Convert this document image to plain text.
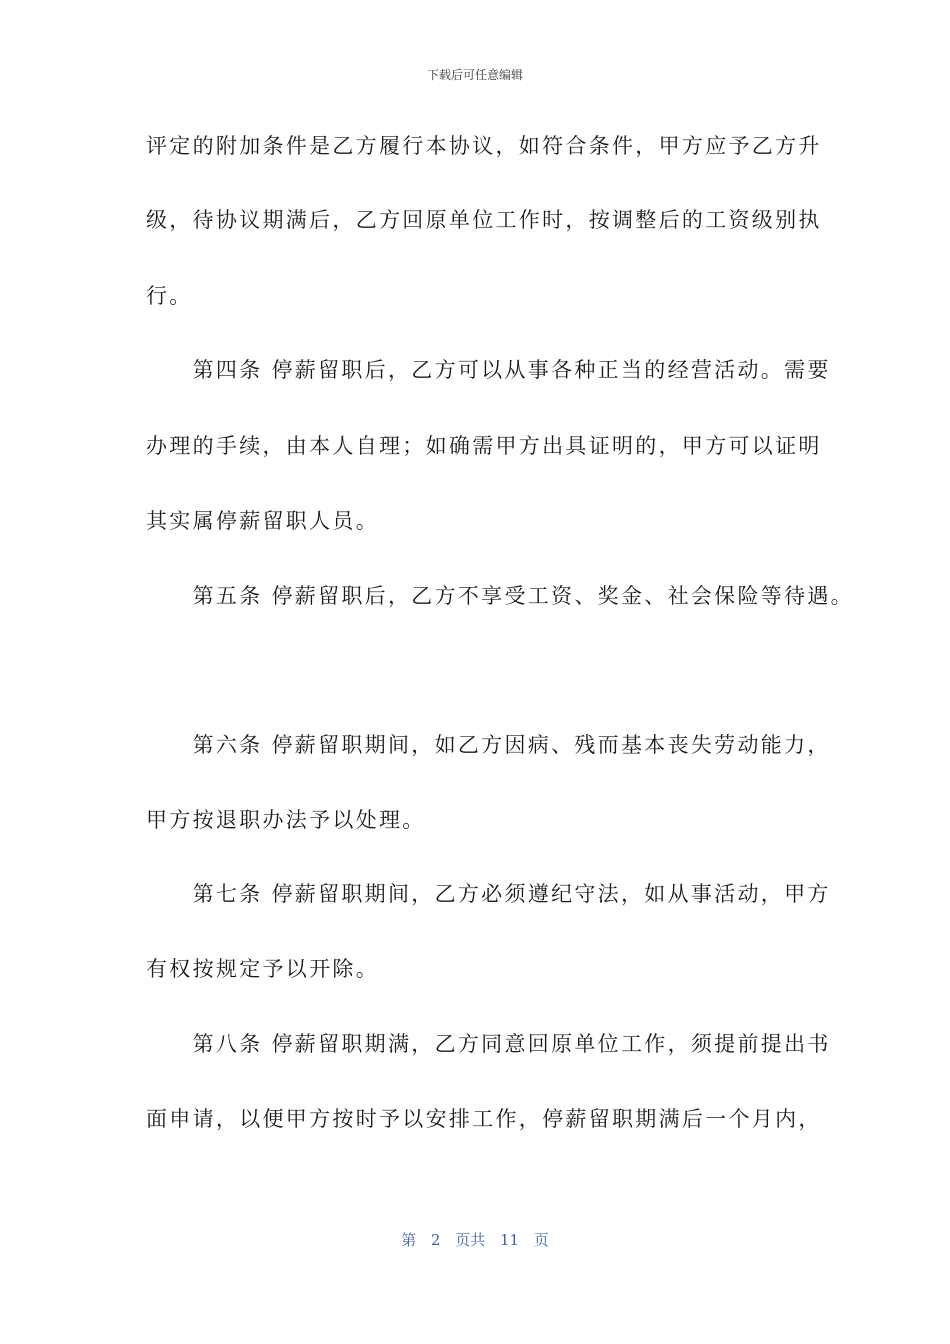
下载后可任意编辑
评定的附加条件是乙方履行本协议，如符合条件，甲方应予乙方升
级，待协议期满后，乙方回原单位工作时，按调整后的工资级别执
行。
　　第四条 停薪留职后，乙方可以从事各种正当的经营活动。需要
办理的手续，由本人自理；如确需甲方出具证明的，甲方可以证明
其实属停薪留职人员。
　　第五条 停薪留职后，乙方不享受工资、奖金、社会保险等待遇。
　　第六条 停薪留职期间，如乙方因病、残而基本丧失劳动能力，
甲方按退职办法予以处理。
　　第七条 停薪留职期间，乙方必须遵纪守法，如从事活动，甲方
有权按规定予以开除。
　　第八条 停薪留职期满，乙方同意回原单位工作，须提前提出书
面申请，以便甲方按时予以安排工作，停薪留职期满后一个月内，
第 2 页共 11 页
